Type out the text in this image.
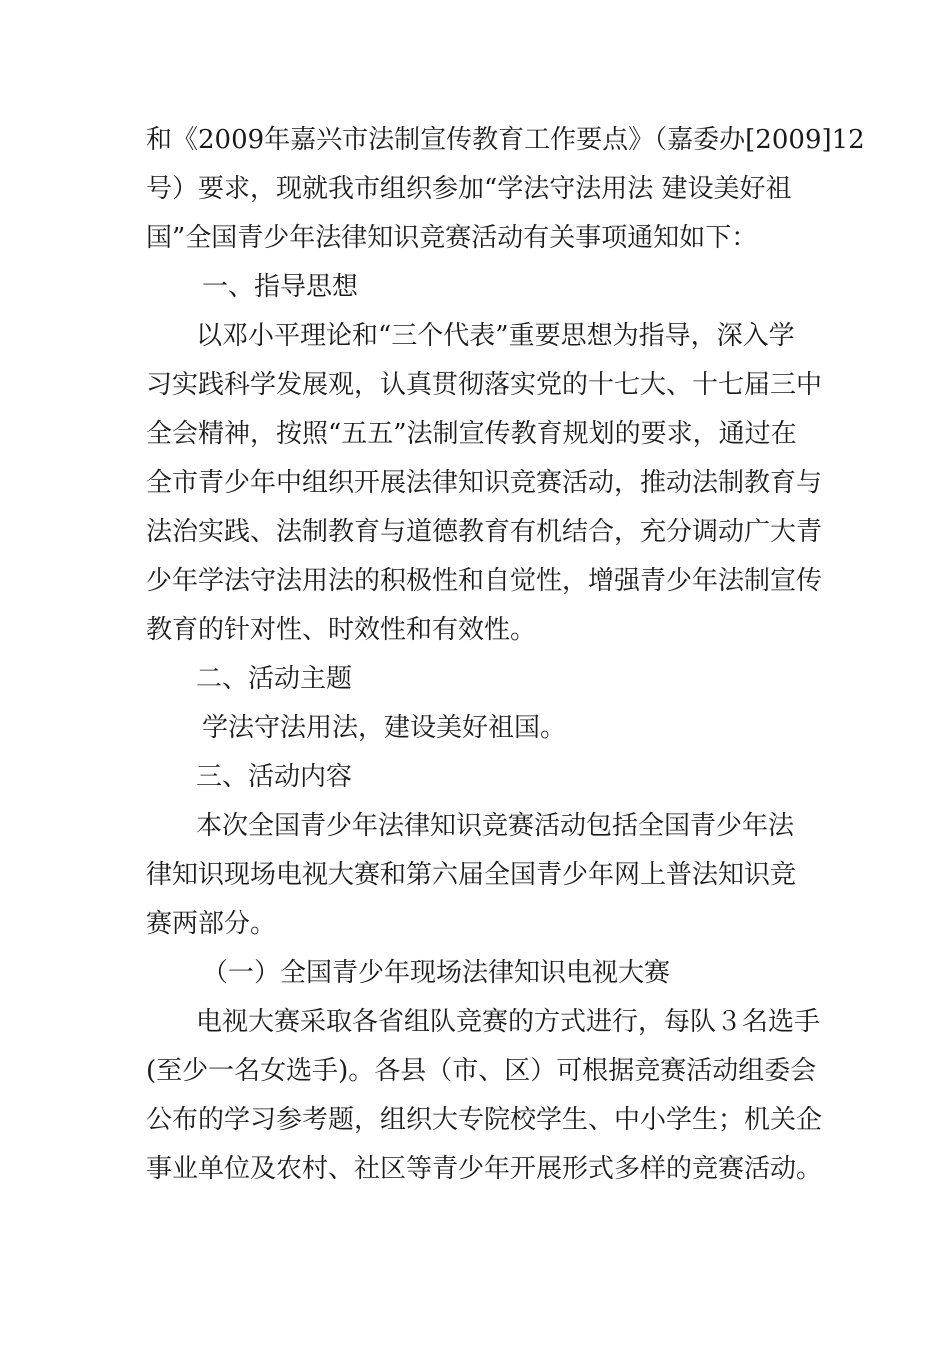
和《2009年嘉兴市法制宣传教育工作要点》（嘉委办[2009]12
号）要求，现就我市组织参加“学法守法用法 建设美好祖
国”全国青少年法律知识竞赛活动有关事项通知如下：
一、指导思想
以邓小平理论和“三个代表”重要思想为指导，深入学
习实践科学发展观，认真贯彻落实党的十七大、十七届三中
全会精神，按照“五五”法制宣传教育规划的要求，通过在
全市青少年中组织开展法律知识竞赛活动，推动法制教育与
法治实践、法制教育与道德教育有机结合，充分调动广大青
少年学法守法用法的积极性和自觉性，增强青少年法制宣传
教育的针对性、时效性和有效性。
二、活动主题
学法守法用法，建设美好祖国。
三、活动内容
本次全国青少年法律知识竞赛活动包括全国青少年法
律知识现场电视大赛和第六届全国青少年网上普法知识竞
赛两部分。
（一）全国青少年现场法律知识电视大赛
电视大赛采取各省组队竞赛的方式进行，每队３名选手
(至少一名女选手)。各县（市、区）可根据竞赛活动组委会
公布的学习参考题，组织大专院校学生、中小学生；机关企
事业单位及农村、社区等青少年开展形式多样的竞赛活动。
